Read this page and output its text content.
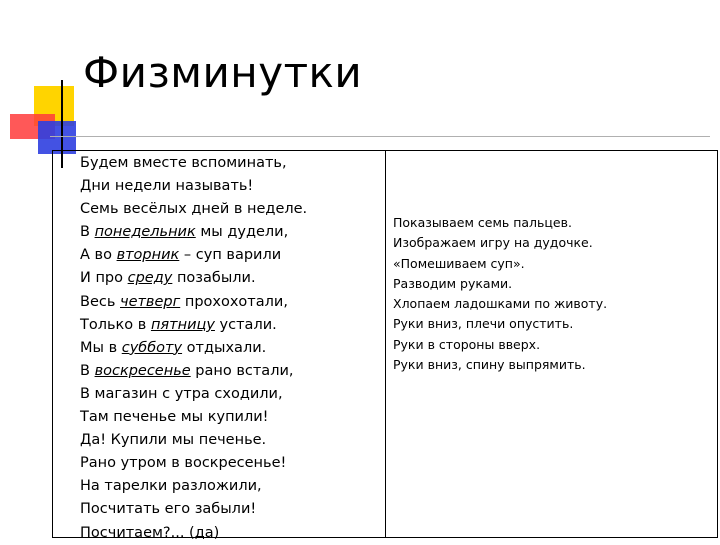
Физминутки
Будем вместе вспоминать,
Дни недели называть!
Семь весёлых дней в неделе.
В понедельник мы дудели,
А во вторник – суп варили
И про среду позабыли.
Весь четверг прохохотали,
Только в пятницу устали.
Мы в субботу отдыхали.
В воскресенье рано встали,
В магазин с утра сходили,
Там печенье мы купили!
Да! Купили мы печенье.
Рано утром в воскресенье!
На тарелки разложили,
Посчитать его забыли!
Посчитаем?... (да)
Показываем семь пальцев.
Изображаем игру на дудочке.
«Помешиваем суп».
Разводим руками.
Хлопаем ладошками по животу.
Руки вниз, плечи опустить.
Руки в стороны вверх.
Руки вниз, спину выпрямить.
